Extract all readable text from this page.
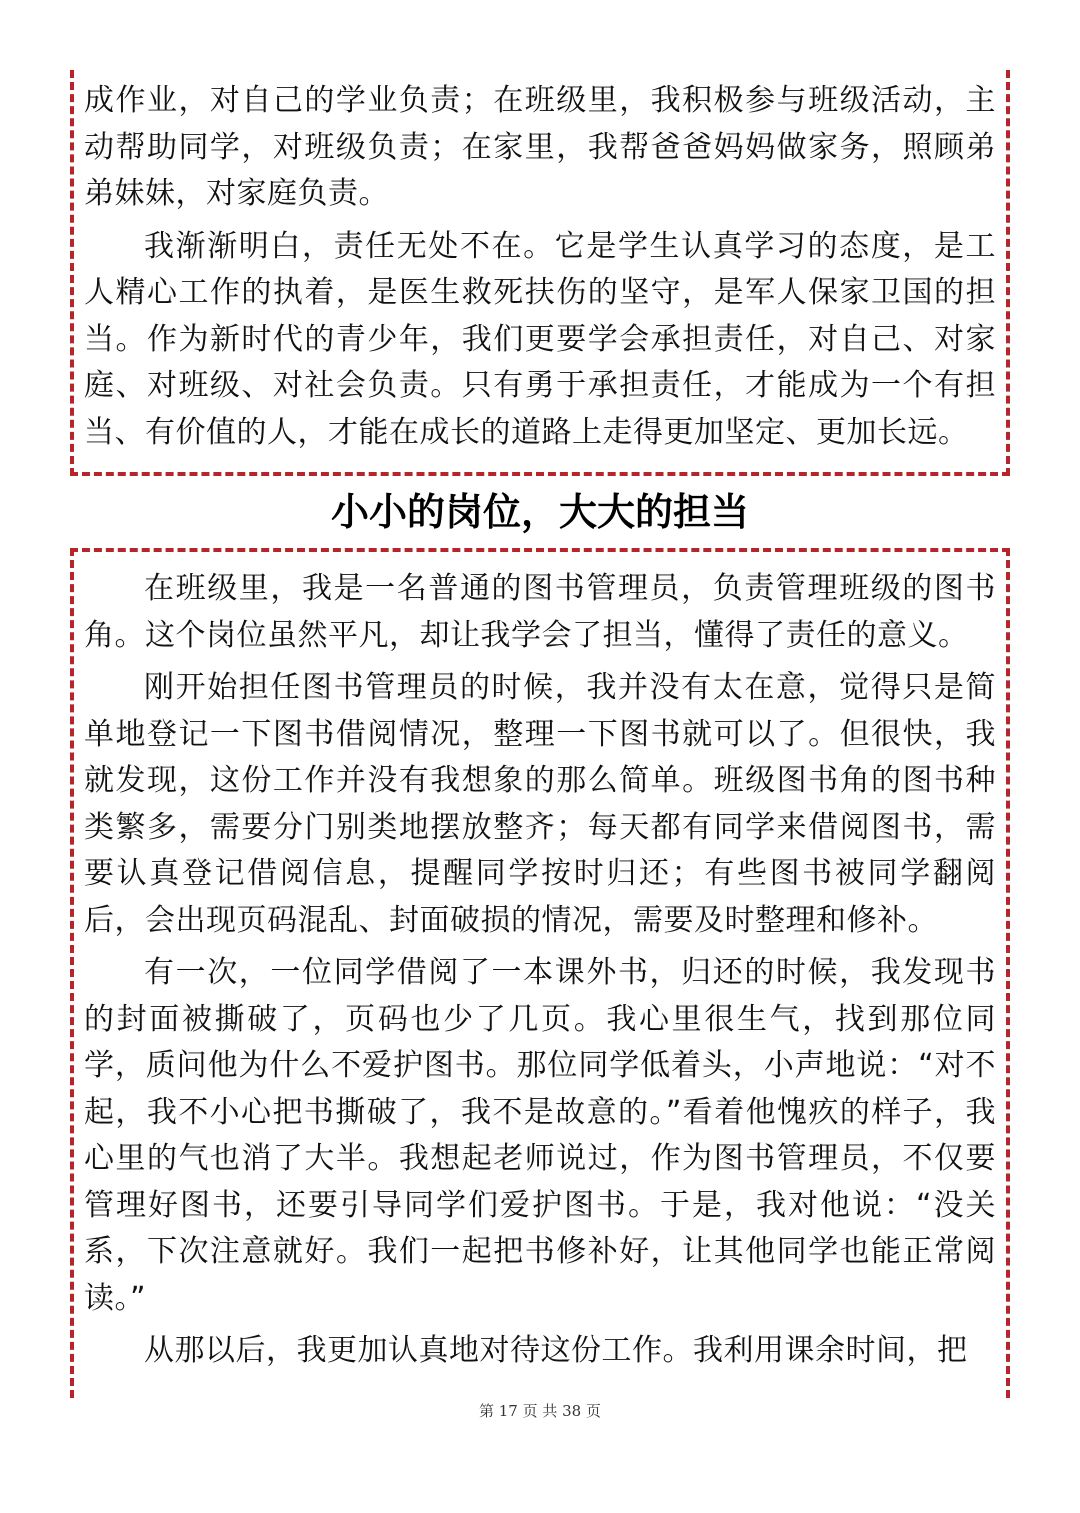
成作业，对自己的学业负责；在班级里，我积极参与班级活动，主动帮助同学，对班级负责；在家里，我帮爸爸妈妈做家务，照顾弟弟妹妹，对家庭负责。

我渐渐明白，责任无处不在。它是学生认真学习的态度，是工人精心工作的执着，是医生救死扶伤的坚守，是军人保家卫国的担当。作为新时代的青少年，我们更要学会承担责任，对自己、对家庭、对班级、对社会负责。只有勇于承担责任，才能成为一个有担当、有价值的人，才能在成长的道路上走得更加坚定、更加长远。

小小的岗位，大大的担当

在班级里，我是一名普通的图书管理员，负责管理班级的图书角。这个岗位虽然平凡，却让我学会了担当，懂得了责任的意义。

刚开始担任图书管理员的时候，我并没有太在意，觉得只是简单地登记一下图书借阅情况，整理一下图书就可以了。但很快，我就发现，这份工作并没有我想象的那么简单。班级图书角的图书种类繁多，需要分门别类地摆放整齐；每天都有同学来借阅图书，需要认真登记借阅信息，提醒同学按时归还；有些图书被同学翻阅后，会出现页码混乱、封面破损的情况，需要及时整理和修补。

有一次，一位同学借阅了一本课外书，归还的时候，我发现书的封面被撕破了，页码也少了几页。我心里很生气，找到那位同学，质问他为什么不爱护图书。那位同学低着头，小声地说：“对不起，我不小心把书撕破了，我不是故意的。”看着他愧疚的样子，我心里的气也消了大半。我想起老师说过，作为图书管理员，不仅要管理好图书，还要引导同学们爱护图书。于是，我对他说：“没关系，下次注意就好。我们一起把书修补好，让其他同学也能正常阅读。”

从那以后，我更加认真地对待这份工作。我利用课余时间，把

第 17 页 共 38 页
